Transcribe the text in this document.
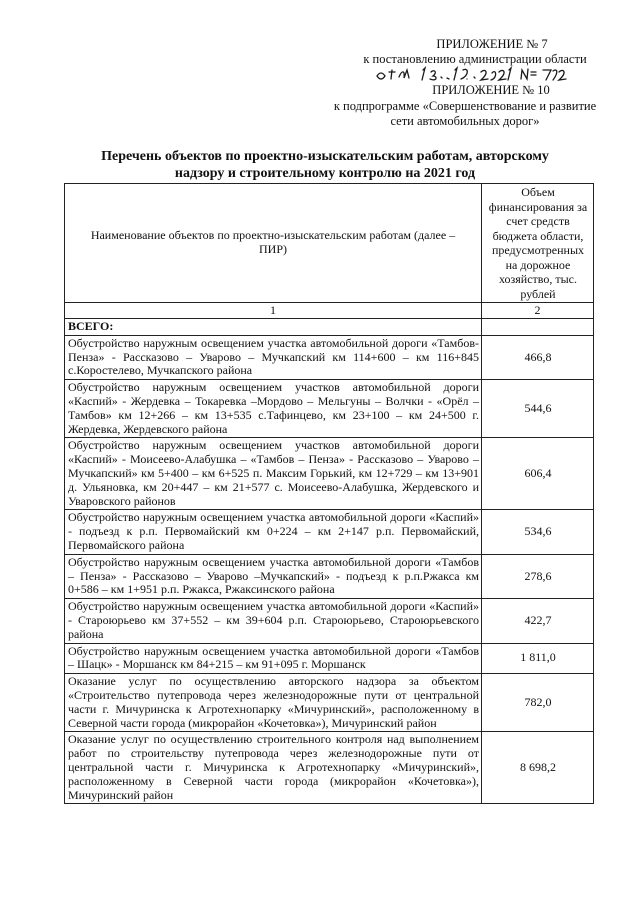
ПРИЛОЖЕНИЕ № 7
к постановлению администрации области
ПРИЛОЖЕНИЕ № 10
к подпрограмме «Совершенствование и развитие
сети автомобильных дорог»
Перечень объектов по проектно-изыскательским работам, авторскому надзору и строительному контролю на 2021 год
Наименование объектов по проектно-изыскательским работам (далее – ПИР)	Объем финансирования за счет средств бюджета области, предусмотренных на дорожное хозяйство, тыс. рублей
1	2
ВСЕГО:	
Обустройство наружным освещением участка автомобильной дороги «Тамбов-Пенза» - Рассказово – Уварово – Мучкапский км 114+600 – км 116+845 с.Коростелево, Мучкапского района	466,8
Обустройство наружным освещением участков автомобильной дороги «Каспий» - Жердевка – Токаревка –Мордово – Мельгуны – Волчки - «Орёл – Тамбов» км 12+266 – км 13+535 с.Тафинцево, км 23+100 – км 24+500 г. Жердевка, Жердевского района	544,6
Обустройство наружным освещением участков автомобильной дороги «Каспий» - Моисеево-Алабушка – «Тамбов – Пенза» - Рассказово – Уварово – Мучкапский» км 5+400 – км 6+525 п. Максим Горький, км 12+729 – км 13+901 д. Ульяновка, км 20+447 – км 21+577 с. Моисеево-Алабушка, Жердевского и Уваровского районов	606,4
Обустройство наружным освещением участка автомобильной дороги «Каспий» - подъезд к р.п. Первомайский км 0+224 – км 2+147 р.п. Первомайский, Первомайского района	534,6
Обустройство наружным освещением участка автомобильной дороги «Тамбов – Пенза» - Рассказово – Уварово –Мучкапский» - подъезд к р.п.Ржакса км 0+586 – км 1+951 р.п. Ржакса, Ржаксинского района	278,6
Обустройство наружным освещением участка автомобильной дороги «Каспий» - Староюрьево км 37+552 – км 39+604 р.п. Староюрьево, Староюрьевского района	422,7
Обустройство наружным освещением участка автомобильной дороги «Тамбов – Шацк» - Моршанск км 84+215 – км 91+095 г. Моршанск	1 811,0
Оказание услуг по осуществлению авторского надзора за объектом «Строительство путепровода через железнодорожные пути от центральной части г. Мичуринска к Агротехнопарку «Мичуринский», расположенному в Северной части города (микрорайон «Кочетовка»), Мичуринский район	782,0
Оказание услуг по осуществлению строительного контроля над выполнением работ по строительству путепровода через железнодорожные пути от центральной части г. Мичуринска к Агротехнопарку «Мичуринский», расположенному в Северной части города (микрорайон «Кочетовка»), Мичуринский район	8 698,2
